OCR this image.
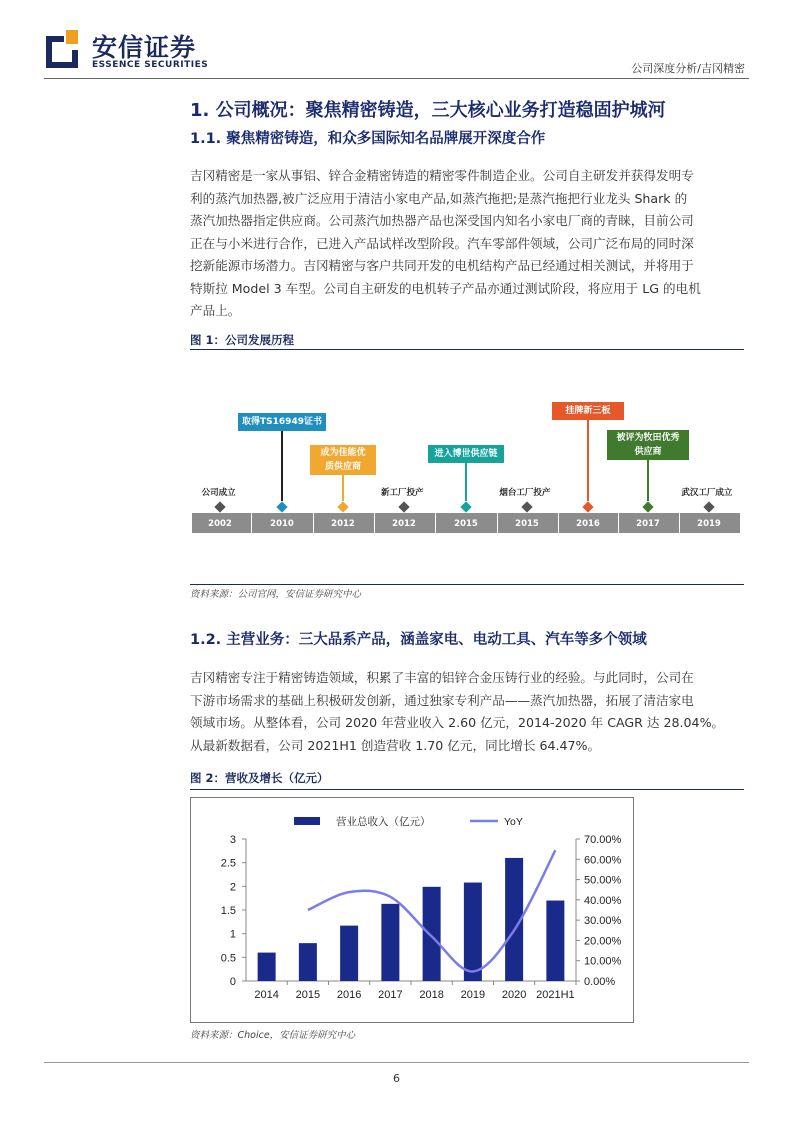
安信证券
ESSENCE SECURITIES	公司深度分析/吉冈精密
1. 公司概况：聚焦精密铸造，三大核心业务打造稳固护城河
1.1. 聚焦精密铸造，和众多国际知名品牌展开深度合作
吉冈精密是一家从事铝、锌合金精密铸造的精密零件制造企业。公司自主研发并获得发明专
利的蒸汽加热器,被广泛应用于清洁小家电产品,如蒸汽拖把;是蒸汽拖把行业龙头 Shark 的
蒸汽加热器指定供应商。公司蒸汽加热器产品也深受国内知名小家电厂商的青睐，目前公司
正在与小米进行合作，已进入产品试样改型阶段。汽车零部件领域，公司广泛布局的同时深
挖新能源市场潜力。吉冈精密与客户共同开发的电机结构产品已经通过相关测试，并将用于
特斯拉 Model 3 车型。公司自主研发的电机转子产品亦通过测试阶段，将应用于 LG 的电机
产品上。
图 1：公司发展历程
2002
公司成立
2010
取得TS16949证书
2012
成为佳能优
质供应商
2012
新工厂投产
2015
进入博世供应链
2015
烟台工厂投产
2016
挂牌新三板
2017
被评为牧田优秀
供应商
2019
武汉工厂成立
资料来源：公司官网，安信证券研究中心
1.2. 主营业务：三大品系产品，涵盖家电、电动工具、汽车等多个领域
吉冈精密专注于精密铸造领域，积累了丰富的铝锌合金压铸行业的经验。与此同时，公司在
下游市场需求的基础上积极研发创新，通过独家专利产品——蒸汽加热器，拓展了清洁家电
领域市场。从整体看，公司 2020 年营业收入 2.60 亿元，2014-2020 年 CAGR 达 28.04%。
从最新数据看，公司 2021H1 创造营收 1.70 亿元，同比增长 64.47%。
图 2：营收及增长（亿元）
0
0.5
1
1.5
2
2.5
3
0.00%
10.00%
20.00%
30.00%
40.00%
50.00%
60.00%
70.00%
2014 2015 2016 2017 2018 2019 2020 2021H1
营业总收入（亿元）	YoY
资料来源：Choice，安信证券研究中心
6
